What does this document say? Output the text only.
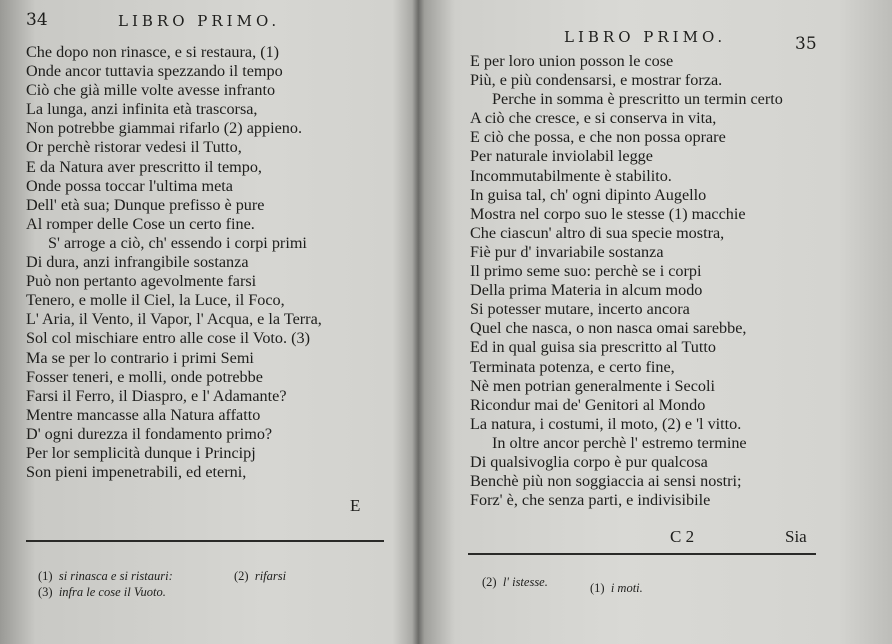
34	LIBRO PRIMO.
Che dopo non rinasce, e si restaura, (1)
Onde ancor tuttavia spezzando il tempo
Ciò che già mille volte avesse infranto
La lunga, anzi infinita età trascorsa,
Non potrebbe giammai rifarlo (2) appieno.
Or perchè ristorar vedesi il Tutto,
E da Natura aver prescritto il tempo,
Onde possa toccar l'ultima meta
Dell' età sua; Dunque prefisso è pure
Al romper delle Cose un certo fine.
S' arroge a ciò, ch' essendo i corpi primi
Di dura, anzi infrangibile sostanza
Può non pertanto agevolmente farsi
Tenero, e molle il Ciel, la Luce, il Foco,
L' Aria, il Vento, il Vapor, l' Acqua, e la Terra,
Sol col mischiare entro alle cose il Voto. (3)
Ma se per lo contrario i primi Semi
Fosser teneri, e molli, onde potrebbe
Farsi il Ferro, il Diaspro, e l' Adamante?
Mentre mancasse alla Natura affatto
D' ogni durezza il fondamento primo?
Per lor semplicità dunque i Principj
Son pieni impenetrabili, ed eterni,
E
(1) si rinasca e si ristauri:	(2) rifarsi
(3) infra le cose il Vuoto.
LIBRO PRIMO.	35
E per loro union posson le cose
Più, e più condensarsi, e mostrar forza.
Perche in somma è prescritto un termin certo
A ciò che cresce, e si conserva in vita,
E ciò che possa, e che non possa oprare
Per naturale inviolabil legge
Incommutabilmente è stabilito.
In guisa tal, ch' ogni dipinto Augello
Mostra nel corpo suo le stesse (1) macchie
Che ciascun' altro di sua specie mostra,
Fiè pur d' invariabile sostanza
Il primo seme suo: perchè se i corpi
Della prima Materia in alcum modo
Si potesser mutare, incerto ancora
Quel che nasca, o non nasca omai sarebbe,
Ed in qual guisa sia prescritto al Tutto
Terminata potenza, e certo fine,
Nè men potrian generalmente i Secoli
Ricondur mai de' Genitori al Mondo
La natura, i costumi, il moto, (2) e 'l vitto.
In oltre ancor perchè l' estremo termine
Di qualsivoglia corpo è pur qualcosa
Benchè più non soggiaccia ai sensi nostri;
Forz' è, che senza parti, e indivisibile
C 2	Sia
(2) l' istesse.	(1) i moti.
